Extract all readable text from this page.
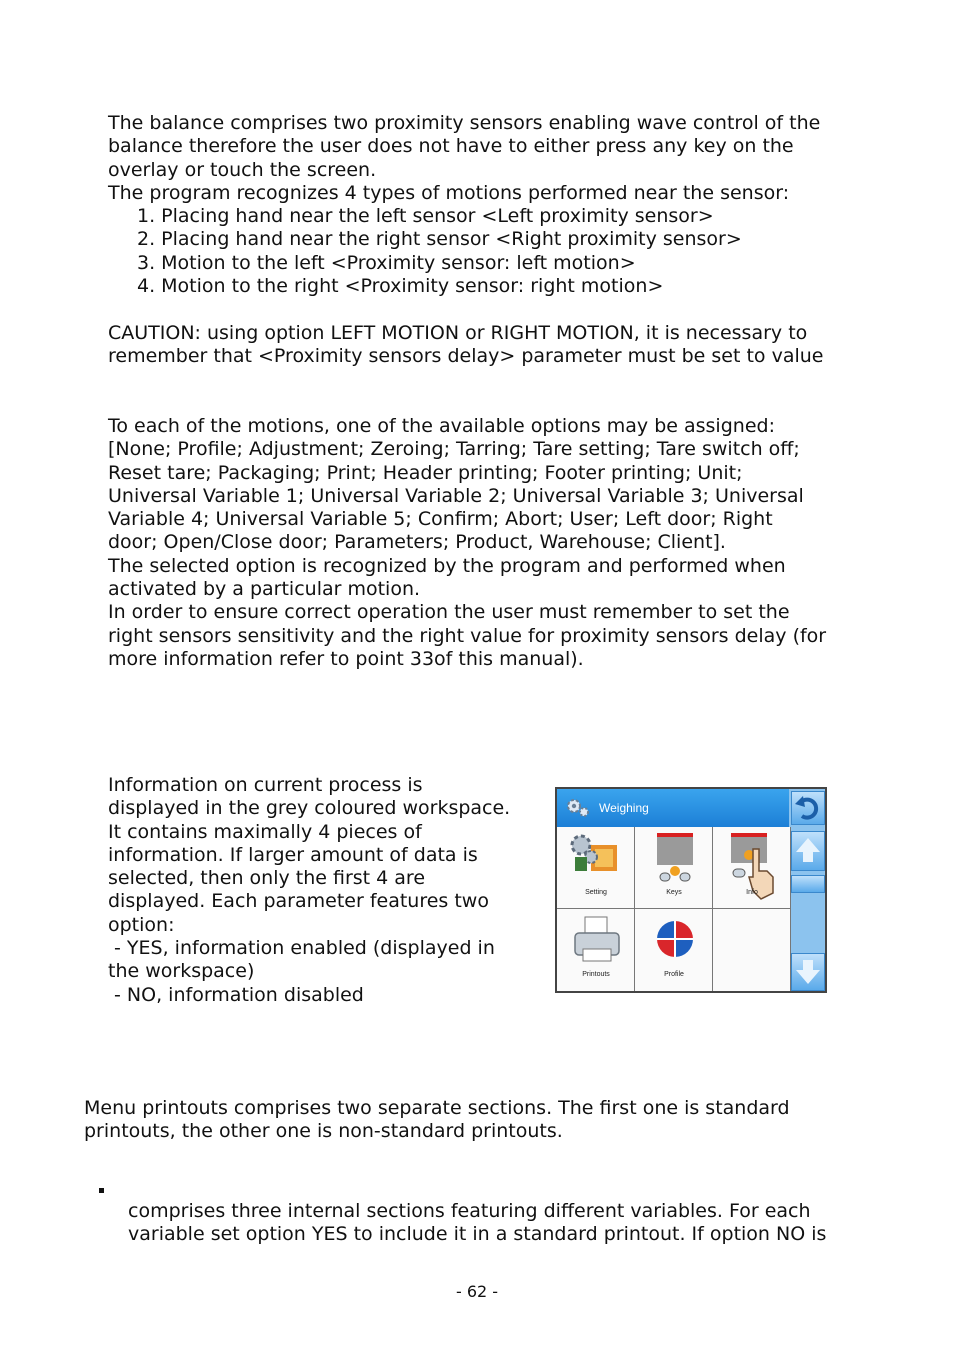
The balance comprises two proximity sensors enabling wave control of the

balance therefore the user does not have to either press any key on the

overlay or touch the screen.

The program recognizes 4 types of motions performed near the sensor:

1. Placing hand near the left sensor <Left proximity sensor>
2. Placing hand near the right sensor <Right proximity sensor>
3. Motion to the left <Proximity sensor: left motion>
4. Motion to the right <Proximity sensor: right motion>

CAUTION: using option LEFT MOTION or RIGHT MOTION, it is necessary to

remember that <Proximity sensors delay> parameter must be set to value

To each of the motions, one of the available options may be assigned:

[None; Profile; Adjustment; Zeroing; Tarring; Tare setting; Tare switch off;

Reset tare; Packaging; Print; Header printing; Footer printing; Unit;

Universal Variable 1; Universal Variable 2; Universal Variable 3; Universal

Variable 4; Universal Variable 5; Confirm; Abort; User; Left door; Right

door; Open/Close door; Parameters; Product, Warehouse; Client].

The selected option is recognized by the program and performed when

activated by a particular motion.

In order to ensure correct operation the user must remember to set the

right sensors sensitivity and the right value for proximity sensors delay (for

more information refer to point 33of this manual).

Information on current process is

displayed in the grey coloured workspace.

It contains maximally 4 pieces of

information. If larger amount of data is

selected, then only the first 4 are

displayed. Each parameter features two

option:

- YES, information enabled (displayed in

the workspace)

- NO, information disabled

Weighing
Setting	Keys	Info
Printouts	Profile

Menu printouts comprises two separate sections. The first one is standard

printouts, the other one is non-standard printouts.

comprises three internal sections featuring different variables. For each

variable set option YES to include it in a standard printout. If option NO is

- 62 -
